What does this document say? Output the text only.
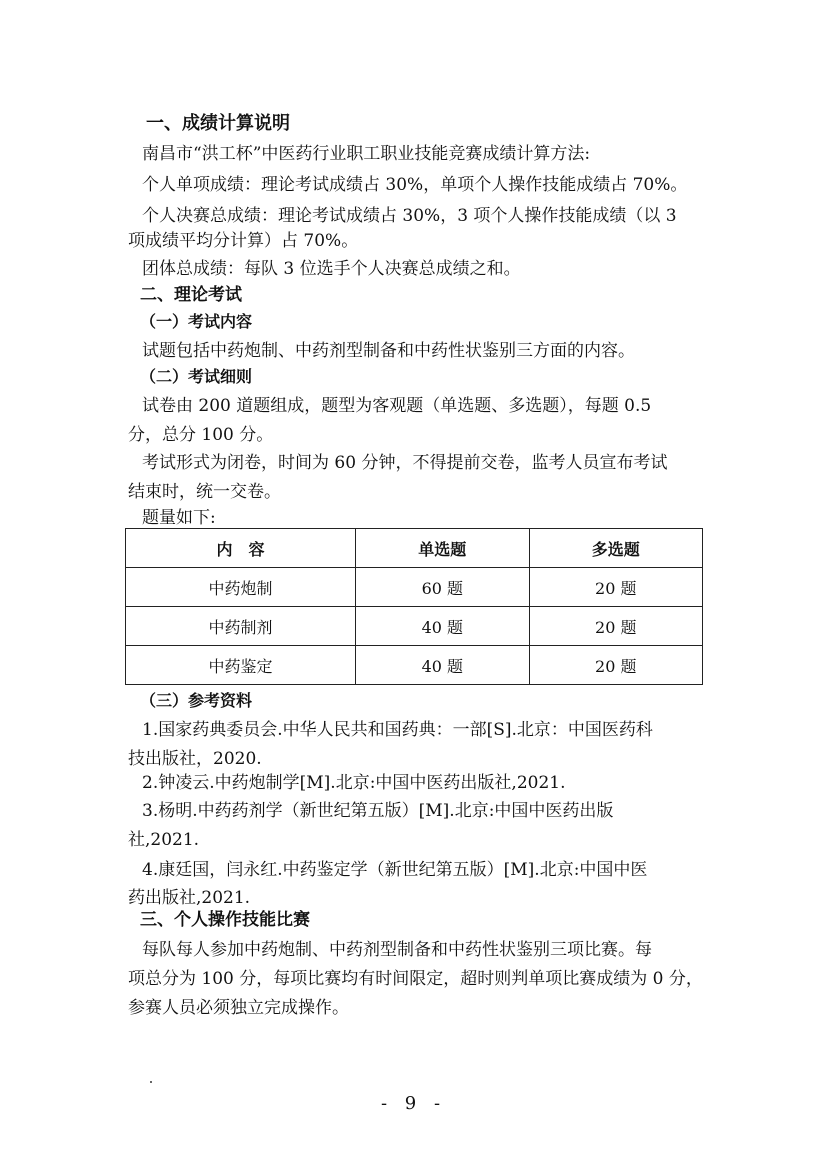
一、成绩计算说明
南昌市“洪工杯”中医药行业职工职业技能竞赛成绩计算方法:
个人单项成绩：理论考试成绩占 30%，单项个人操作技能成绩占 70%。
个人决赛总成绩：理论考试成绩占 30%，3 项个人操作技能成绩（以 3
项成绩平均分计算）占 70%。
团体总成绩：每队 3 位选手个人决赛总成绩之和。
二、理论考试
（一）考试内容
试题包括中药炮制、中药剂型制备和中药性状鉴别三方面的内容。
（二）考试细则
试卷由 200 道题组成，题型为客观题（单选题、多选题），每题 0.5
分，总分 100 分。
考试形式为闭卷，时间为 60 分钟，不得提前交卷，监考人员宣布考试
结束时，统一交卷。
题量如下:
内　容	单选题	多选题
中药炮制	60 题	20 题
中药制剂	40 题	20 题
中药鉴定	40 题	20 题
（三）参考资料
1.国家药典委员会.中华人民共和国药典：一部[S].北京：中国医药科
技出版社，2020.
2.钟凌云.中药炮制学[M].北京:中国中医药出版社,2021.
3.杨明.中药药剂学（新世纪第五版）[M].北京:中国中医药出版
社,2021.
4.康廷国，闫永红.中药鉴定学（新世纪第五版）[M].北京:中国中医
药出版社,2021.
三、个人操作技能比赛
每队每人参加中药炮制、中药剂型制备和中药性状鉴别三项比赛。每
项总分为 100 分，每项比赛均有时间限定，超时则判单项比赛成绩为 0 分，
参赛人员必须独立完成操作。
- 9 -
